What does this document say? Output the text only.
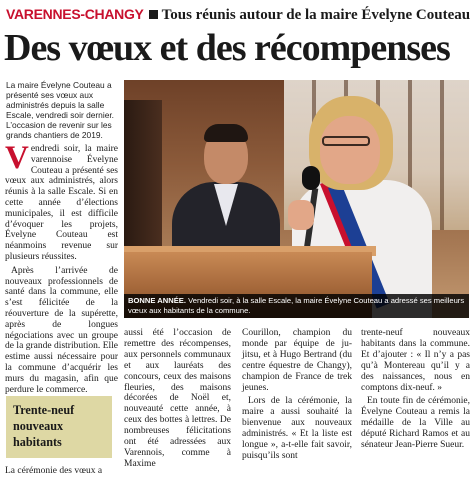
VARENNES-CHANGY Tous réunis autour de la maire Évelyne Couteau
Des vœux et des récompenses

La maire Évelyne Couteau a présenté ses vœux aux administrés depuis la salle Escale, vendredi soir dernier. L’occasion de revenir sur les grands chantiers de 2019.

Vendredi soir, la maire varennoise Évelyne Couteau a présenté ses vœux aux administrés, alors réunis à la salle Escale. Si en cette année d’élections municipales, il est difficile d’évoquer les projets, Évelyne Couteau est néanmoins revenue sur plusieurs réussites.

Après l’arrivée de nouveaux professionnels de santé dans la commune, elle s’est félicitée de la réouverture de la supérette, après de longues négociations avec un groupe de la grande distribution. Elle estime aussi nécessaire pour la commune d’acquérir les murs du magasin, afin que perdure le commerce.

Trente-neuf nouveaux habitants
La cérémonie des vœux a
BONNE ANNÉE. Vendredi soir, à la salle Escale, la maire Évelyne Couteau a adressé ses meilleurs vœux aux habitants de la commune.

aussi été l’occasion de remettre des récompenses, aux personnels communaux et aux lauréats des concours, ceux des maisons fleuries, des maisons décorées de Noël et, nouveauté cette année, à ceux des bottes à lettres. De nombreuses félicitations ont été adressées aux Varennois, comme à Maxime

Courillon, champion du monde par équipe de ju-jitsu, et à Hugo Bertrand (du centre équestre de Changy), champion de France de trek jeunes.

Lors de la cérémonie, la maire a aussi souhaité la bienvenue aux nouveaux administrés. « Et la liste est longue », a-t-elle fait savoir, puisqu’ils sont

trente-neuf nouveaux habitants dans la commune. Et d’ajouter : « Il n’y a pas qu’à Montereau qu’il y a des naissances, nous en comptons dix-neuf. »

En toute fin de cérémonie, Évelyne Couteau a remis la médaille de la Ville au député Richard Ramos et au sénateur Jean-Pierre Sueur.
